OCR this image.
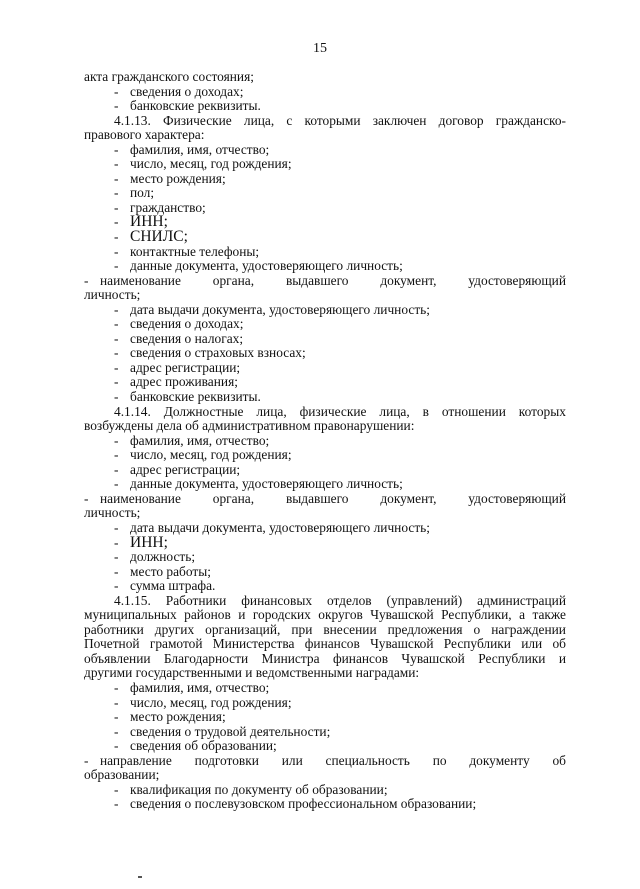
15
акта гражданского состояния;
- сведения о доходах;
- банковские реквизиты.
4.1.13. Физические лица, с которыми заключен договор гражданско-
правового характера:
- фамилия, имя, отчество;
- число, месяц, год рождения;
- место рождения;
- пол;
- гражданство;
- ИНН;
- СНИЛС;
- контактные телефоны;
- данные документа, удостоверяющего личность;
- наименование органа, выдавшего документ, удостоверяющий
личность;
- дата выдачи документа, удостоверяющего личность;
- сведения о доходах;
- сведения о налогах;
- сведения о страховых взносах;
- адрес регистрации;
- адрес проживания;
- банковские реквизиты.
4.1.14. Должностные лица, физические лица, в отношении которых
возбуждены дела об административном правонарушении:
- фамилия, имя, отчество;
- число, месяц, год рождения;
- адрес регистрации;
- данные документа, удостоверяющего личность;
- наименование органа, выдавшего документ, удостоверяющий
личность;
- дата выдачи документа, удостоверяющего личность;
- ИНН;
- должность;
- место работы;
- сумма штрафа.
4.1.15. Работники финансовых отделов (управлений) администраций
муниципальных районов и городских округов Чувашской Республики, а также
работники других организаций, при внесении предложения о награждении
Почетной грамотой Министерства финансов Чувашской Республики или об
объявлении Благодарности Министра финансов Чувашской Республики и
другими государственными и ведомственными наградами:
- фамилия, имя, отчество;
- число, месяц, год рождения;
- место рождения;
- сведения о трудовой деятельности;
- сведения об образовании;
- направление подготовки или специальность по документу об
образовании;
- квалификация по документу об образовании;
- сведения о послевузовском профессиональном образовании;
